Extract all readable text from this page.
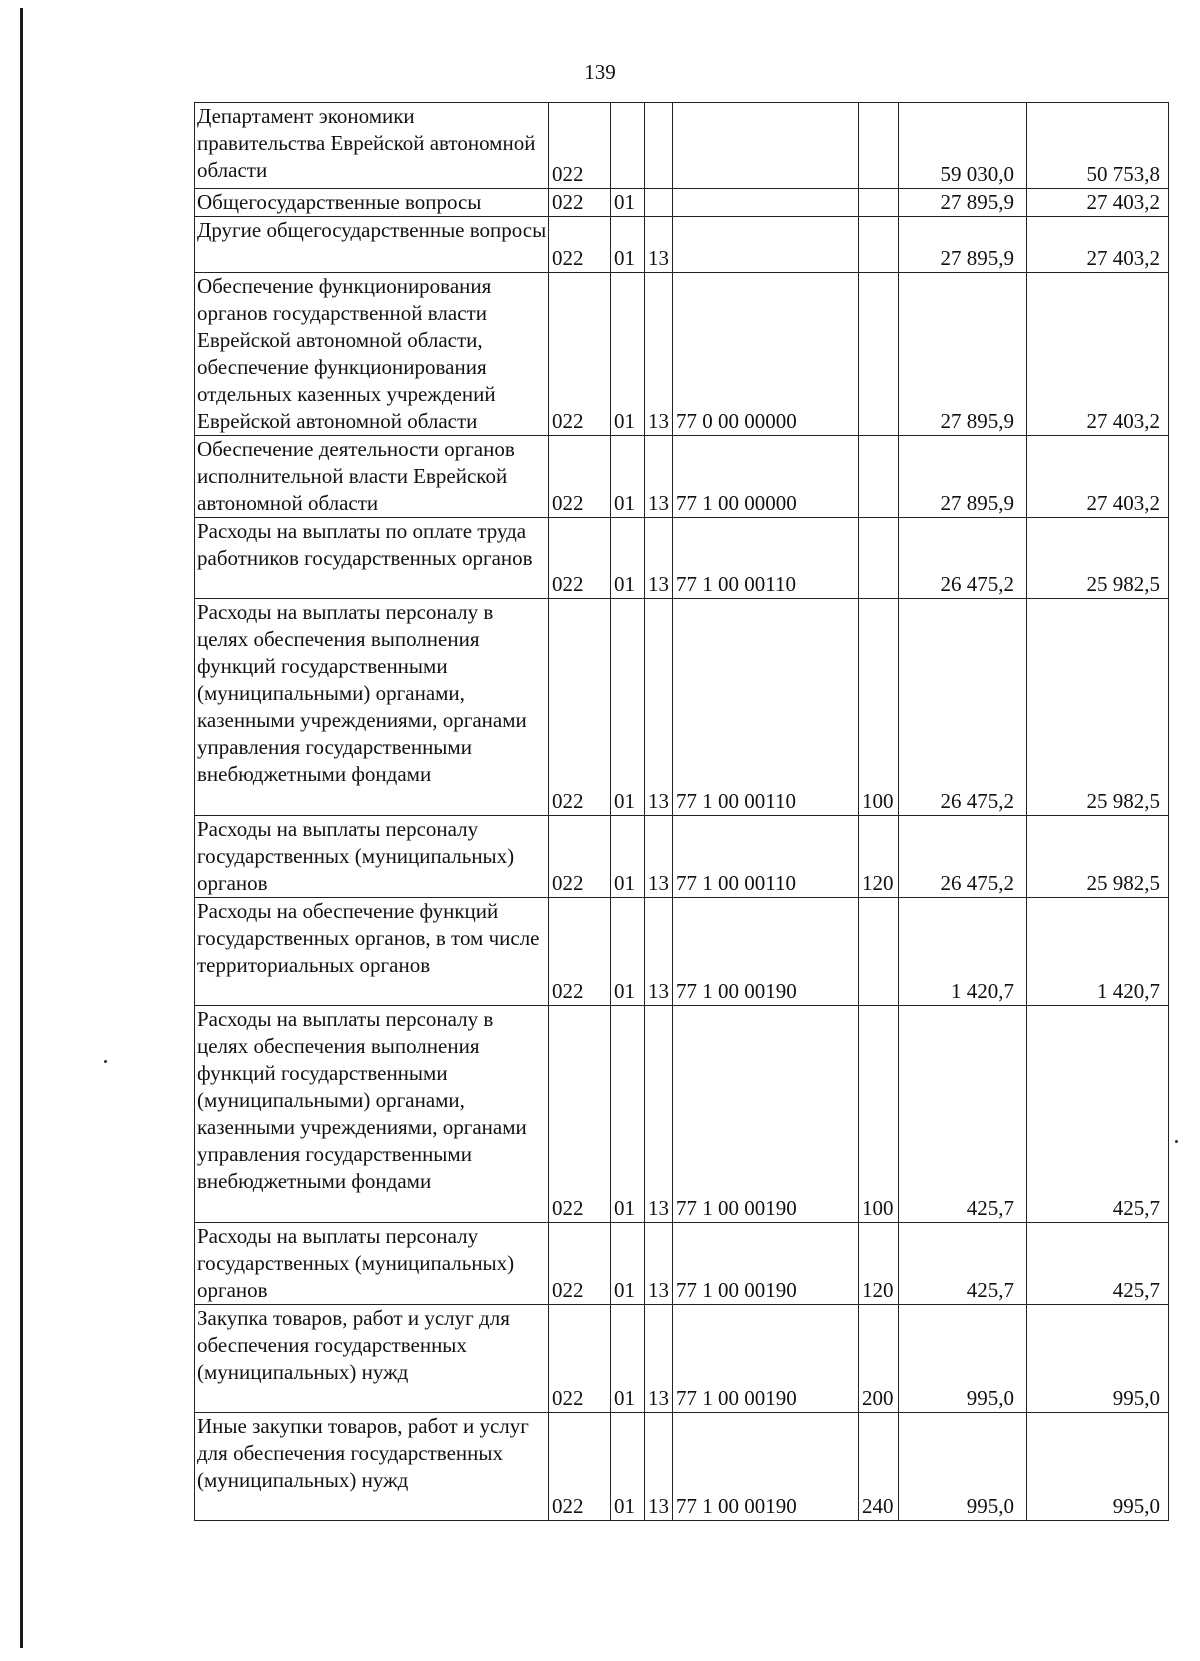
139
Департамент экономики правительства Еврейской автономной области	022					59 030,0	50 753,8
Общегосударственные вопросы	022	01				27 895,9	27 403,2
Другие общегосударственные вопросы	022	01	13			27 895,9	27 403,2
Обеспечение функционирования органов государственной власти Еврейской автономной области, обеспечение функционирования отдельных казенных учреждений Еврейской автономной области	022	01	13	77 0 00 00000		27 895,9	27 403,2
Обеспечение деятельности органов исполнительной власти Еврейской автономной области	022	01	13	77 1 00 00000		27 895,9	27 403,2
Расходы на выплаты по оплате труда работников государственных органов	022	01	13	77 1 00 00110		26 475,2	25 982,5
Расходы на выплаты персоналу в целях обеспечения выполнения функций государственными (муниципальными) органами, казенными учреждениями, органами управления государственными внебюджетными фондами	022	01	13	77 1 00 00110	100	26 475,2	25 982,5
Расходы на выплаты персоналу государственных (муниципальных) органов	022	01	13	77 1 00 00110	120	26 475,2	25 982,5
Расходы на обеспечение функций государственных органов, в том числе территориальных органов	022	01	13	77 1 00 00190		1 420,7	1 420,7
Расходы на выплаты персоналу в целях обеспечения выполнения функций государственными (муниципальными) органами, казенными учреждениями, органами управления государственными внебюджетными фондами	022	01	13	77 1 00 00190	100	425,7	425,7
Расходы на выплаты персоналу государственных (муниципальных) органов	022	01	13	77 1 00 00190	120	425,7	425,7
Закупка товаров, работ и услуг для обеспечения государственных (муниципальных) нужд	022	01	13	77 1 00 00190	200	995,0	995,0
Иные закупки товаров, работ и услуг для обеспечения государственных (муниципальных) нужд	022	01	13	77 1 00 00190	240	995,0	995,0
